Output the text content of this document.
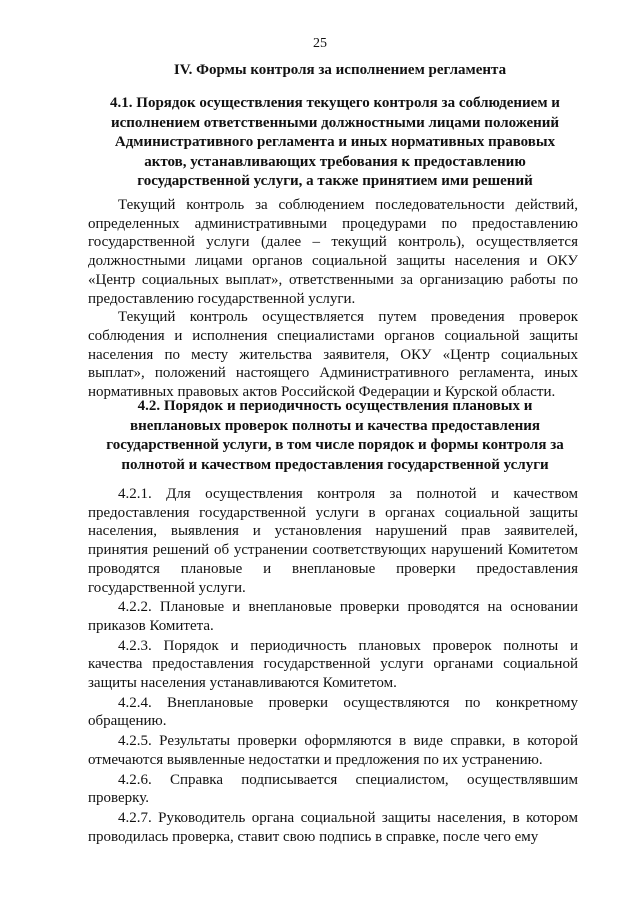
25
IV. Формы контроля за исполнением регламента
4.1. Порядок осуществления текущего контроля за соблюдением и исполнением ответственными должностными лицами положений Административного регламента и иных нормативных правовых актов, устанавливающих требования к предоставлению государственной услуги, а также принятием ими решений

Текущий контроль за соблюдением последовательности действий, определенных административными процедурами по предоставлению государственной услуги (далее – текущий контроль), осуществляется должностными лицами органов социальной защиты населения и ОКУ «Центр социальных выплат», ответственными за организацию работы по предоставлению государственной услуги.

Текущий контроль осуществляется путем проведения проверок соблюдения и исполнения специалистами органов социальной защиты населения по месту жительства заявителя, ОКУ «Центр социальных выплат», положений настоящего Административного регламента, иных нормативных правовых актов Российской Федерации и Курской области.

4.2. Порядок и периодичность осуществления плановых и внеплановых проверок полноты и качества предоставления государственной услуги, в том числе порядок и формы контроля за полнотой и качеством предоставления государственной услуги

4.2.1. Для осуществления контроля за полнотой и качеством предоставления государственной услуги в органах социальной защиты населения, выявления и установления нарушений прав заявителей, принятия решений об устранении соответствующих нарушений Комитетом проводятся плановые и внеплановые проверки предоставления государственной услуги.

4.2.2. Плановые и внеплановые проверки проводятся на основании приказов Комитета.

4.2.3. Порядок и периодичность плановых проверок полноты и качества предоставления государственной услуги органами социальной защиты населения устанавливаются Комитетом.

4.2.4. Внеплановые проверки осуществляются по конкретному обращению.

4.2.5. Результаты проверки оформляются в виде справки, в которой отмечаются выявленные недостатки и предложения по их устранению.

4.2.6. Справка подписывается специалистом, осуществлявшим проверку.

4.2.7. Руководитель органа социальной защиты населения, в котором проводилась проверка, ставит свою подпись в справке, после чего ему
